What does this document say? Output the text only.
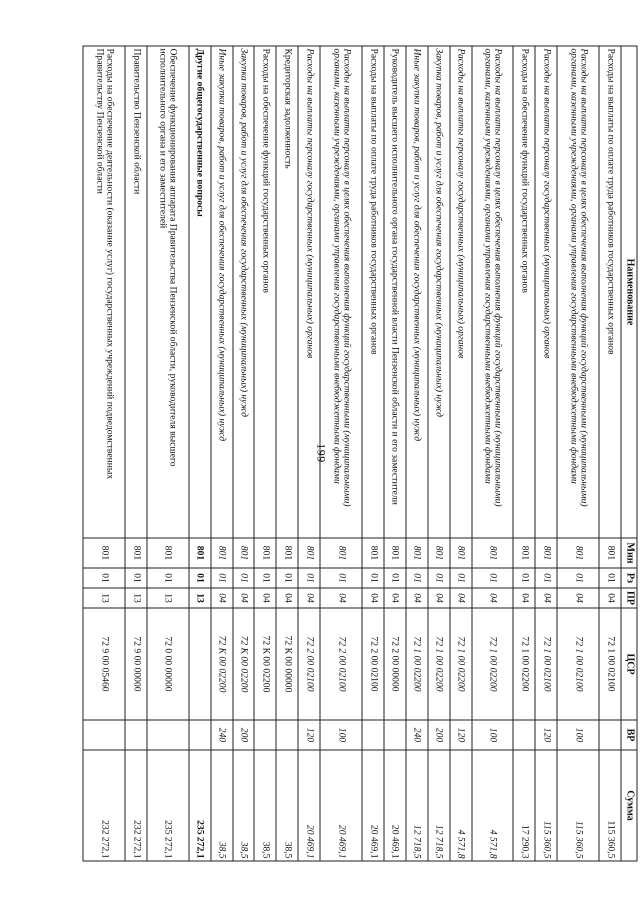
199
Наименование	Мин	Рз	ПР	ЦСР	ВР	Сумма
Расходы на выплаты по оплате труда работников государственных органов	801	01	04	72 1 00 02100		115 360,5
Расходы на выплаты персоналу в целях обеспечения выполнения функций государственными (муниципальными) органами, казенными учреждениями, органами управления государственными внебюджетными фондами	801	01	04	72 1 00 02100	100	115 360,5
Расходы на выплаты персоналу государственных (муниципальных) органов	801	01	04	72 1 00 02100	120	115 360,5
Расходы на обеспечение функций государственных органов	801	01	04	72 1 00 02200		17 290,3
Расходы на выплаты персоналу в целях обеспечения выполнения функций государственными (муниципальными) органами, казенными учреждениями, органами управления государственными внебюджетными фондами	801	01	04	72 1 00 02200	100	4 571,8
Расходы на выплаты персоналу государственных (муниципальных) органов	801	01	04	72 1 00 02200	120	4 571,8
Закупка товаров, работ и услуг для обеспечения государственных (муниципальных) нужд	801	01	04	72 1 00 02200	200	12 718,5
Иные закупки товаров, работ и услуг для обеспечения государственных (муниципальных) нужд	801	01	04	72 1 00 02200	240	12 718,5
Руководитель высшего исполнительного органа государственной власти Пензенской области и его заместители	801	01	04	72 2 00 00000		20 469,1
Расходы на выплаты по оплате труда работников государственных органов	801	01	04	72 2 00 02100		20 469,1
Расходы на выплаты персоналу в целях обеспечения выполнения функций государственными (муниципальными) органами, казенными учреждениями, органами управления государственными внебюджетными фондами	801	01	04	72 2 00 02100	100	20 469,1
Расходы на выплаты персоналу государственных (муниципальных) органов	801	01	04	72 2 00 02100	120	20 469,1
Кредиторская задолженность	801	01	04	72 К 00 00000		38,5
Расходы на обеспечение функций государственных органов	801	01	04	72 К 00 02200		38,5
Закупка товаров, работ и услуг для обеспечения государственных (муниципальных) нужд	801	01	04	72 К 00 02200	200	38,5
Иные закупки товаров, работ и услуг для обеспечения государственных (муниципальных) нужд	801	01	04	72 К 00 02200	240	38,5
Другие общегосударственные вопросы	801	01	13			235 272,1
Обеспечение функционирования аппарата Правительства Пензенской области, руководителя высшего исполнительного органа и его заместителей	801	01	13	72 0 00 00000		235 272,1
Правительство Пензенской области	801	01	13	72 9 00 00000		232 272,1
Расходы на обеспечение деятельности (оказание услуг) государственных учреждений подведомственных Правительству Пензенской области	801	01	13	72 9 00 05460		232 272,1
